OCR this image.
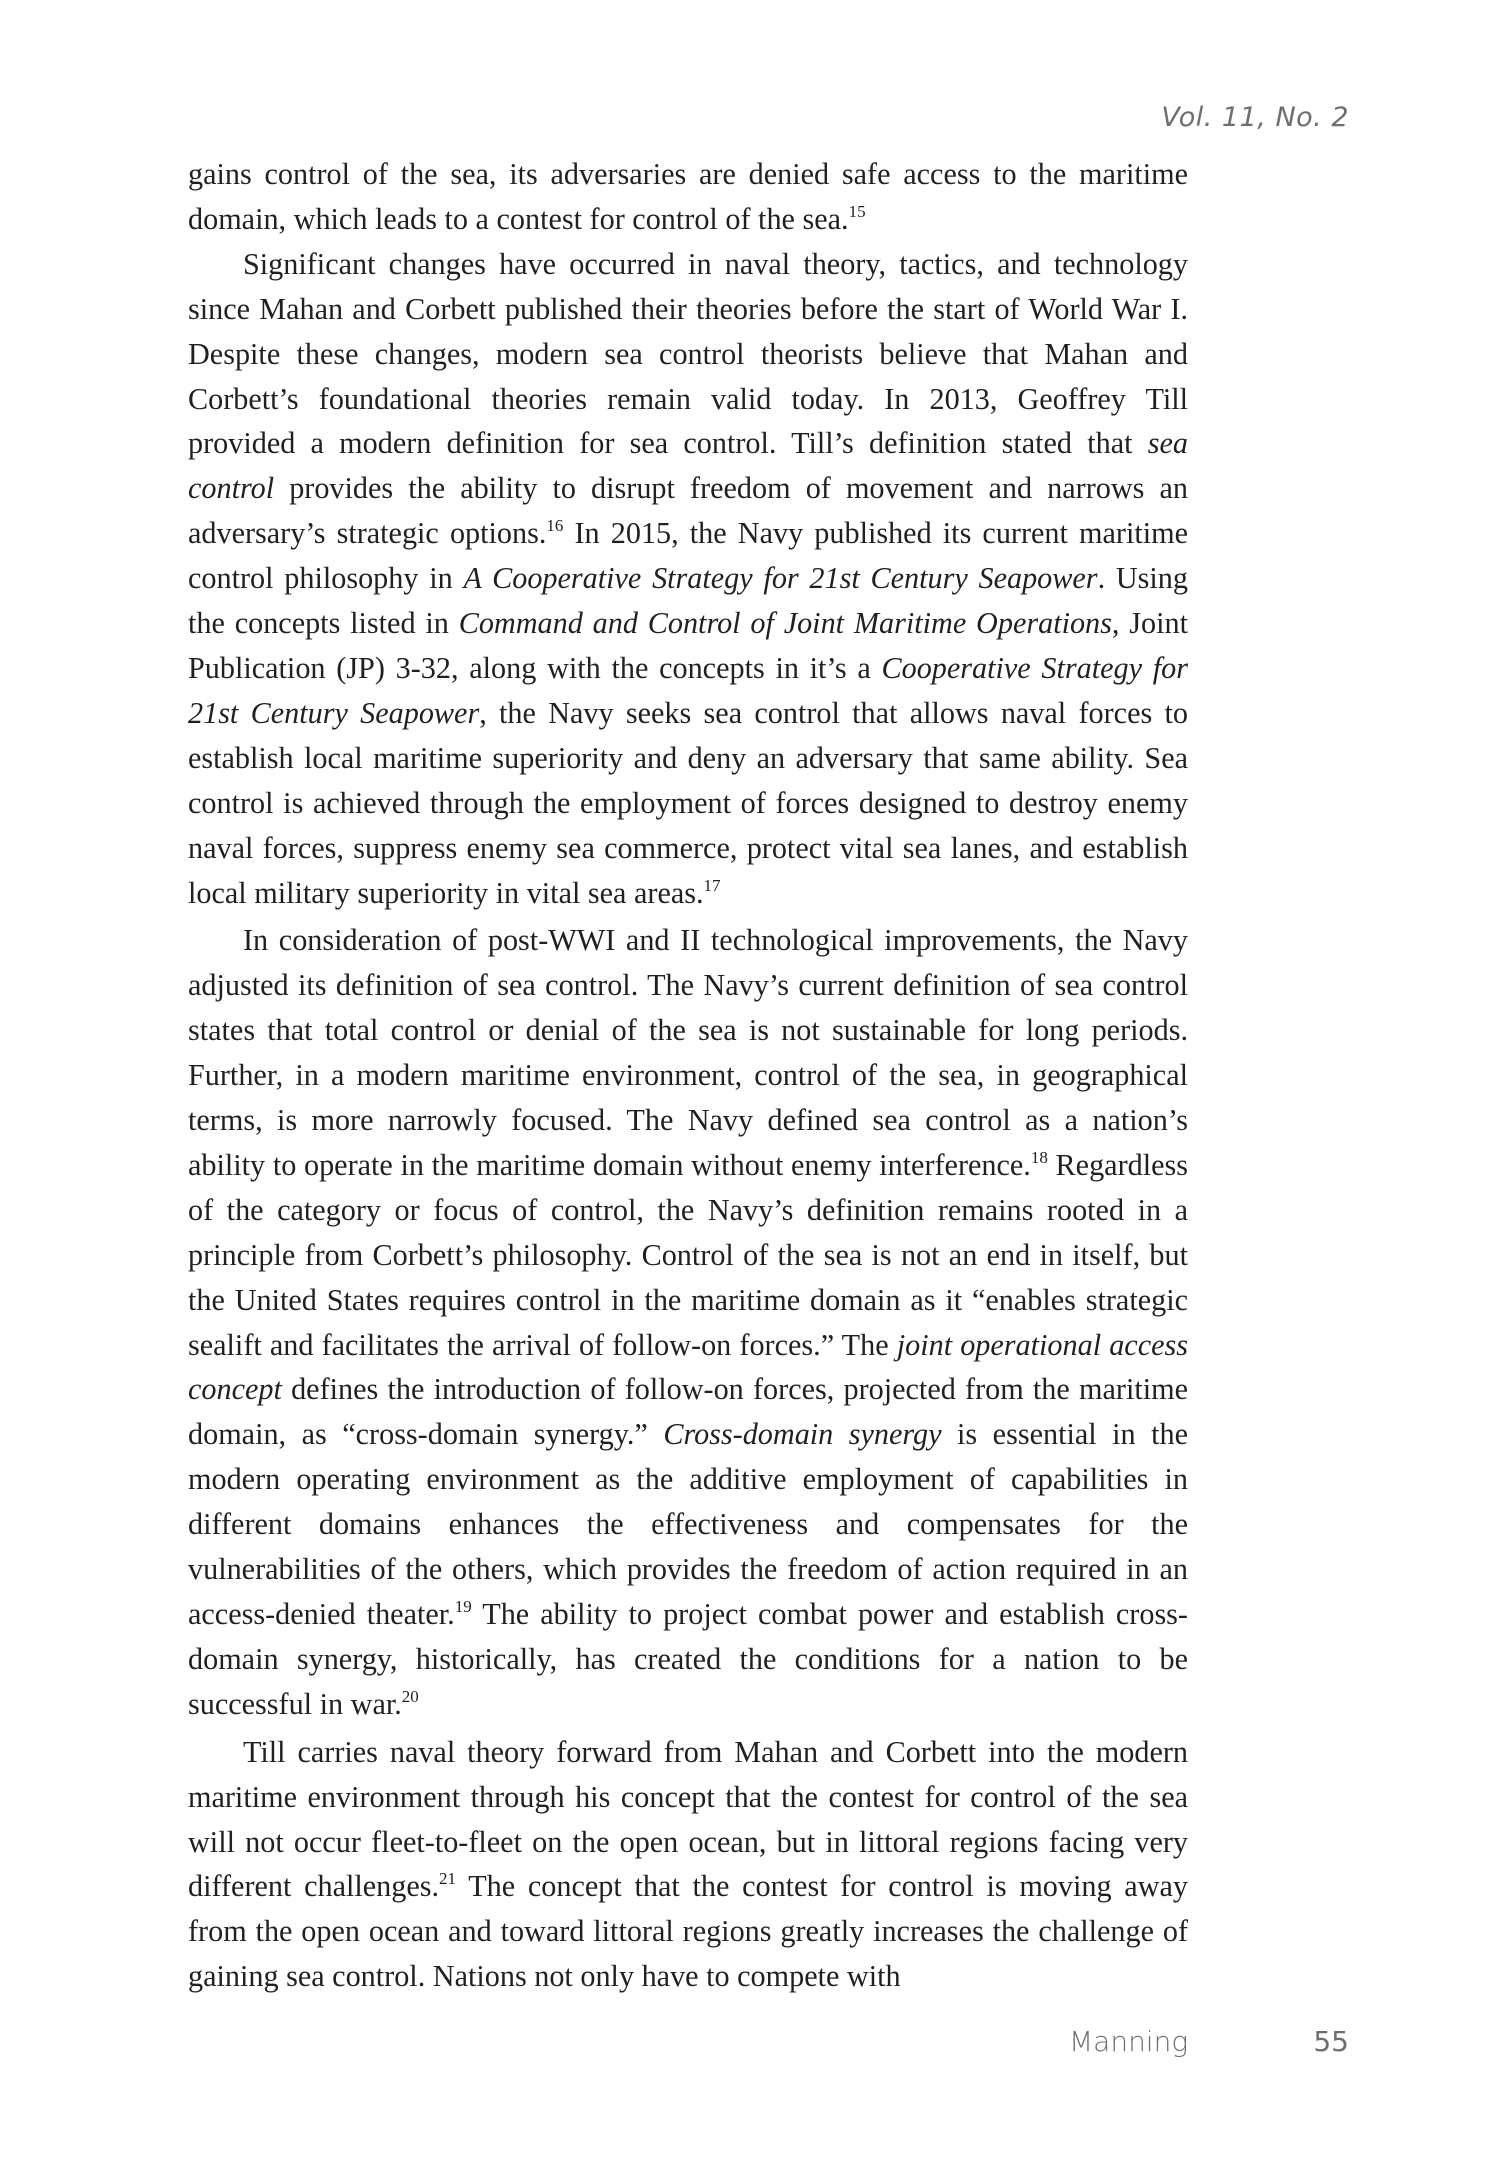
Vol. 11, No. 2

gains control of the sea, its adversaries are denied safe access to the maritime domain, which leads to a contest for control of the sea.$^{15}$

Significant changes have occurred in naval theory, tactics, and technology since Mahan and Corbett published their theories before the start of World War I. Despite these changes, modern sea control theorists believe that Mahan and Corbett’s foundational theories remain valid today. In 2013, Geoffrey Till provided a modern definition for sea control. Till’s definition stated that sea control provides the ability to disrupt freedom of movement and narrows an adversary’s strategic options.$^{16}$ In 2015, the Navy published its current maritime control philosophy in A Cooperative Strategy for 21st Century Seapower. Using the concepts listed in Command and Control of Joint Maritime Operations, Joint Publication (JP) 3-32, along with the concepts in it’s a Cooperative Strategy for 21st Century Seapower, the Navy seeks sea control that allows naval forces to establish local maritime superiority and deny an adversary that same ability. Sea control is achieved through the employment of forces designed to destroy enemy naval forces, suppress enemy sea commerce, protect vital sea lanes, and establish local military superiority in vital sea areas.$^{17}$

In consideration of post-WWI and II technological improvements, the Navy adjusted its definition of sea control. The Navy’s current definition of sea control states that total control or denial of the sea is not sustainable for long periods. Further, in a modern maritime environment, control of the sea, in geographical terms, is more narrowly focused. The Navy defined sea control as a nation’s ability to operate in the maritime domain without enemy interference.$^{18}$ Regardless of the category or focus of control, the Navy’s definition remains rooted in a principle from Corbett’s philosophy. Control of the sea is not an end in itself, but the United States requires control in the maritime domain as it “enables strategic sealift and facilitates the arrival of follow-on forces.” The joint operational access concept defines the introduction of follow-on forces, projected from the maritime domain, as “cross-domain synergy.” Cross-domain synergy is essential in the modern operating environment as the additive employment of capabilities in different domains enhances the effectiveness and compensates for the vulnerabilities of the others, which provides the freedom of action required in an access-denied theater.$^{19}$ The ability to project combat power and establish cross-domain synergy, historically, has created the conditions for a nation to be successful in war.$^{20}$

Till carries naval theory forward from Mahan and Corbett into the modern maritime environment through his concept that the contest for control of the sea will not occur fleet-to-fleet on the open ocean, but in littoral regions facing very different challenges.$^{21}$ The concept that the contest for control is moving away from the open ocean and toward littoral regions greatly increases the challenge of gaining sea control. Nations not only have to compete with

Manning	55
